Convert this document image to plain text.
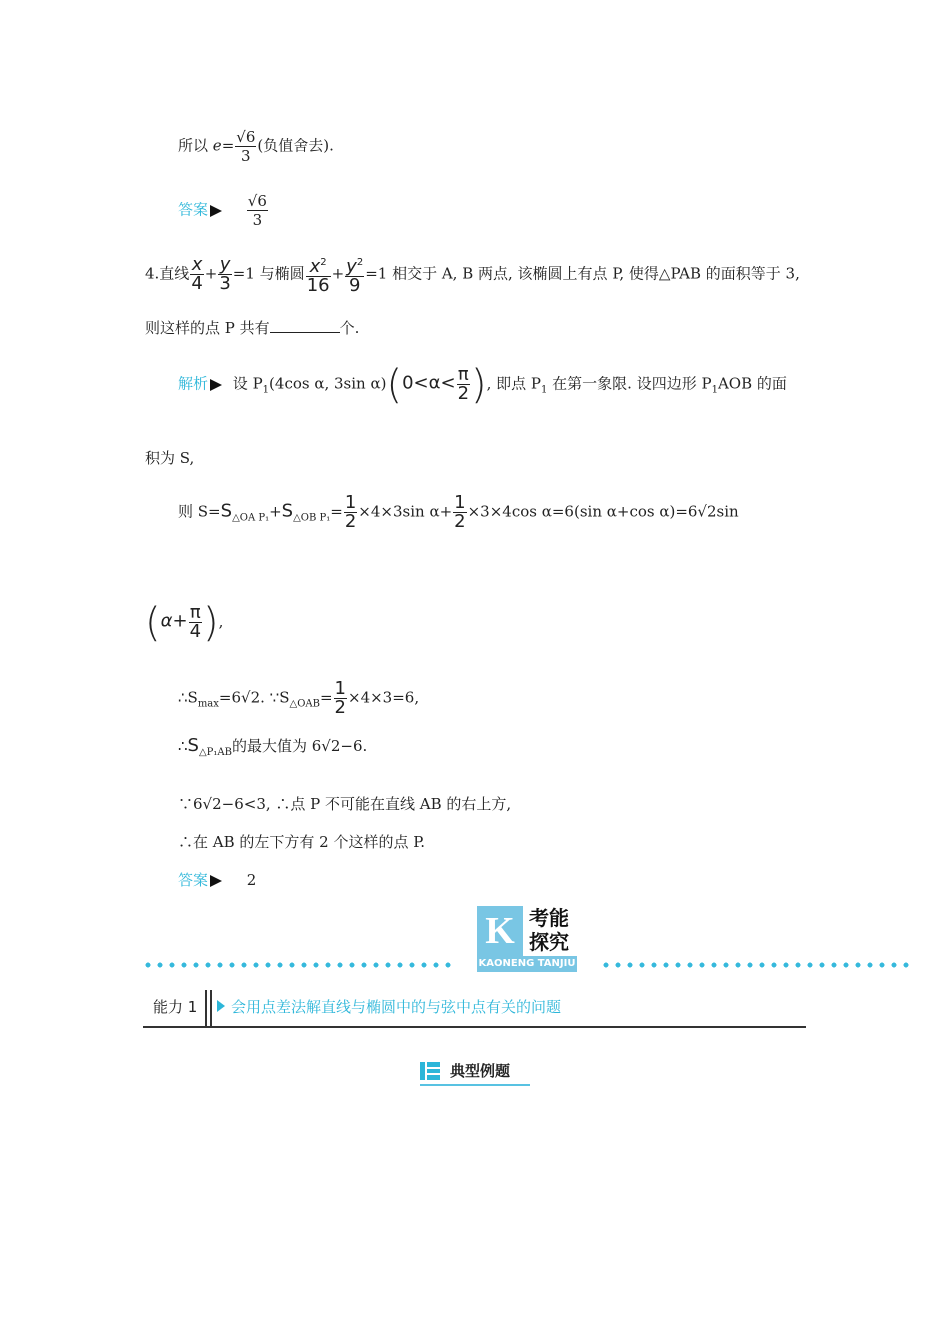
所以 $e= \frac{√6}{3}$ (负值舍去).
答案	$\frac{√6}{3}$
4.直线 $\frac{x}{4} + \frac{y}{3} =1$ 与椭圆 $\frac{x^2}{16} + \frac{y^2}{9} =1$ 相交于 A, B 两点, 该椭圆上有点 P, 使得△PAB 的面积等于 3,
则这样的点 P 共有	个.
解析 设 $P_1(4\cos$ α, 3sin $\alpha)(0<\alpha< \frac{\pi}{2}$ ), 即点 $P_1$ 在第一象限. 设四边形 $P_1AOB$ 的面
积为 S,
则 $S=S_{\triangle OA P_1}+S_{\triangle OB P_1}= \frac{1}{2} \times 4\times 3\sin$ $\alpha+ \frac{1}{2} \times 3\times 4\cos$ α=6(sin α+cos α)=6√2sin
($\alpha+ \frac{\pi}{4}$ ),
$\therefore S_{max}=6√2$. $\because S_{\triangle OAB}= \frac{1}{2} \times 4\times 3=6$,
$\therefore S_{\triangle P_1AB}$的最大值为 6√2−6.
∵6√2−6<3, ∴点 P 不可能在直线 AB 的右上方,
∴在 AB 的左下方有 2 个这样的点 P.
答案	2
K 考能
探究
KAONENG TANJIU
能力 1 会用点差法解直线与椭圆中的与弦中点有关的问题
典型例题
